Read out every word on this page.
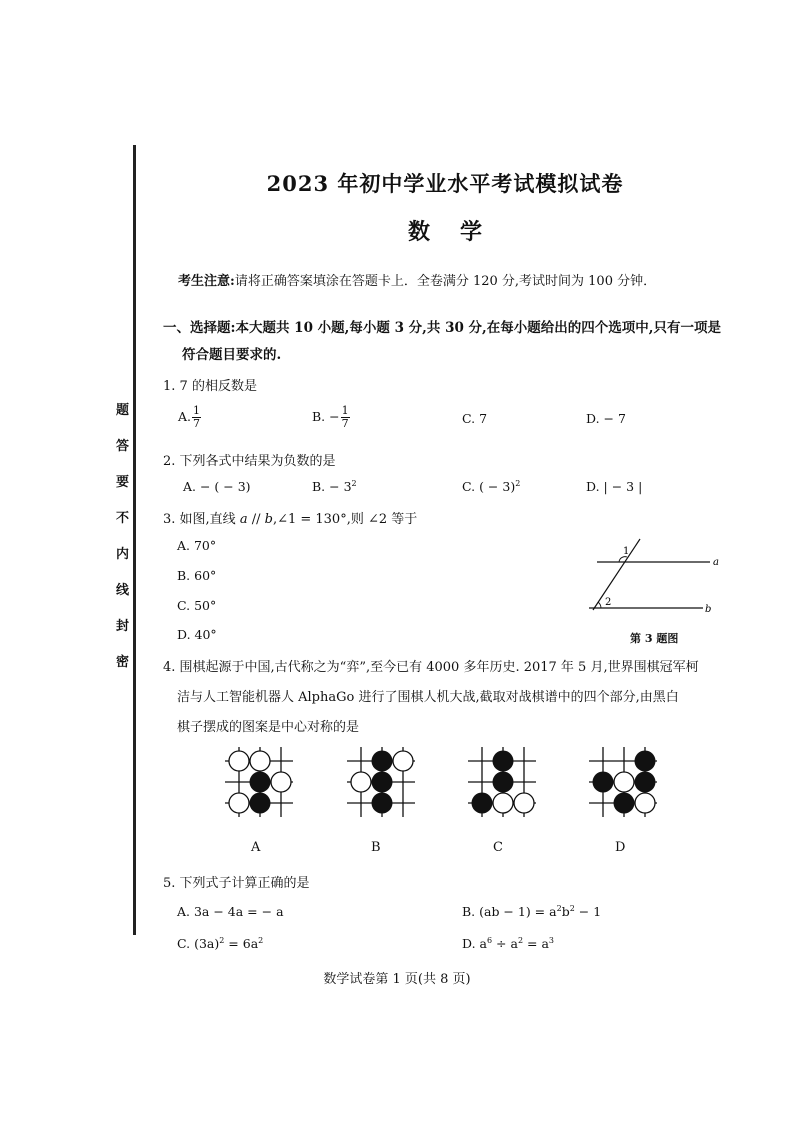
题
答
要
不
内
线
封
密
2023 年初中学业水平考试模拟试卷
数 学
考生注意:请将正确答案填涂在答题卡上．全卷满分 120 分,考试时间为 100 分钟．
一、选择题:本大题共 10 小题,每小题 3 分,共 30 分,在每小题给出的四个选项中,只有一项是
符合题目要求的.
1. 7 的相反数是
A. $\frac{1}{7}$	B. − $\frac{1}{7}$	C. 7	D. − 7
2. 下列各式中结果为负数的是
A. − ( − 3)	B. − $3^2$	C. ( − 3)$^2$	D. | − 3 |
3. 如图,直线 a // b,∠1 = 130°,则 ∠2 等于
A. 70°
B. 60°
C. 50°
D. 40°
1
2
a
b
第 3 题图
4. 围棋起源于中国,古代称之为“弈”,至今已有 4000 多年历史. 2017 年 5 月,世界围棋冠军柯
洁与人工智能机器人 AlphaGo 进行了围棋人机大战,截取对战棋谱中的四个部分,由黑白
棋子摆成的图案是中心对称的是
A	B	C	D
5. 下列式子计算正确的是
A. 3a − 4a = − a	B. $(ab - 1) = a^2b^2 - 1$
C. $(3a)^2 = 6a^2$	D. $a^6 \div a^2 = a^3$
数学试卷第 1 页(共 8 页)
